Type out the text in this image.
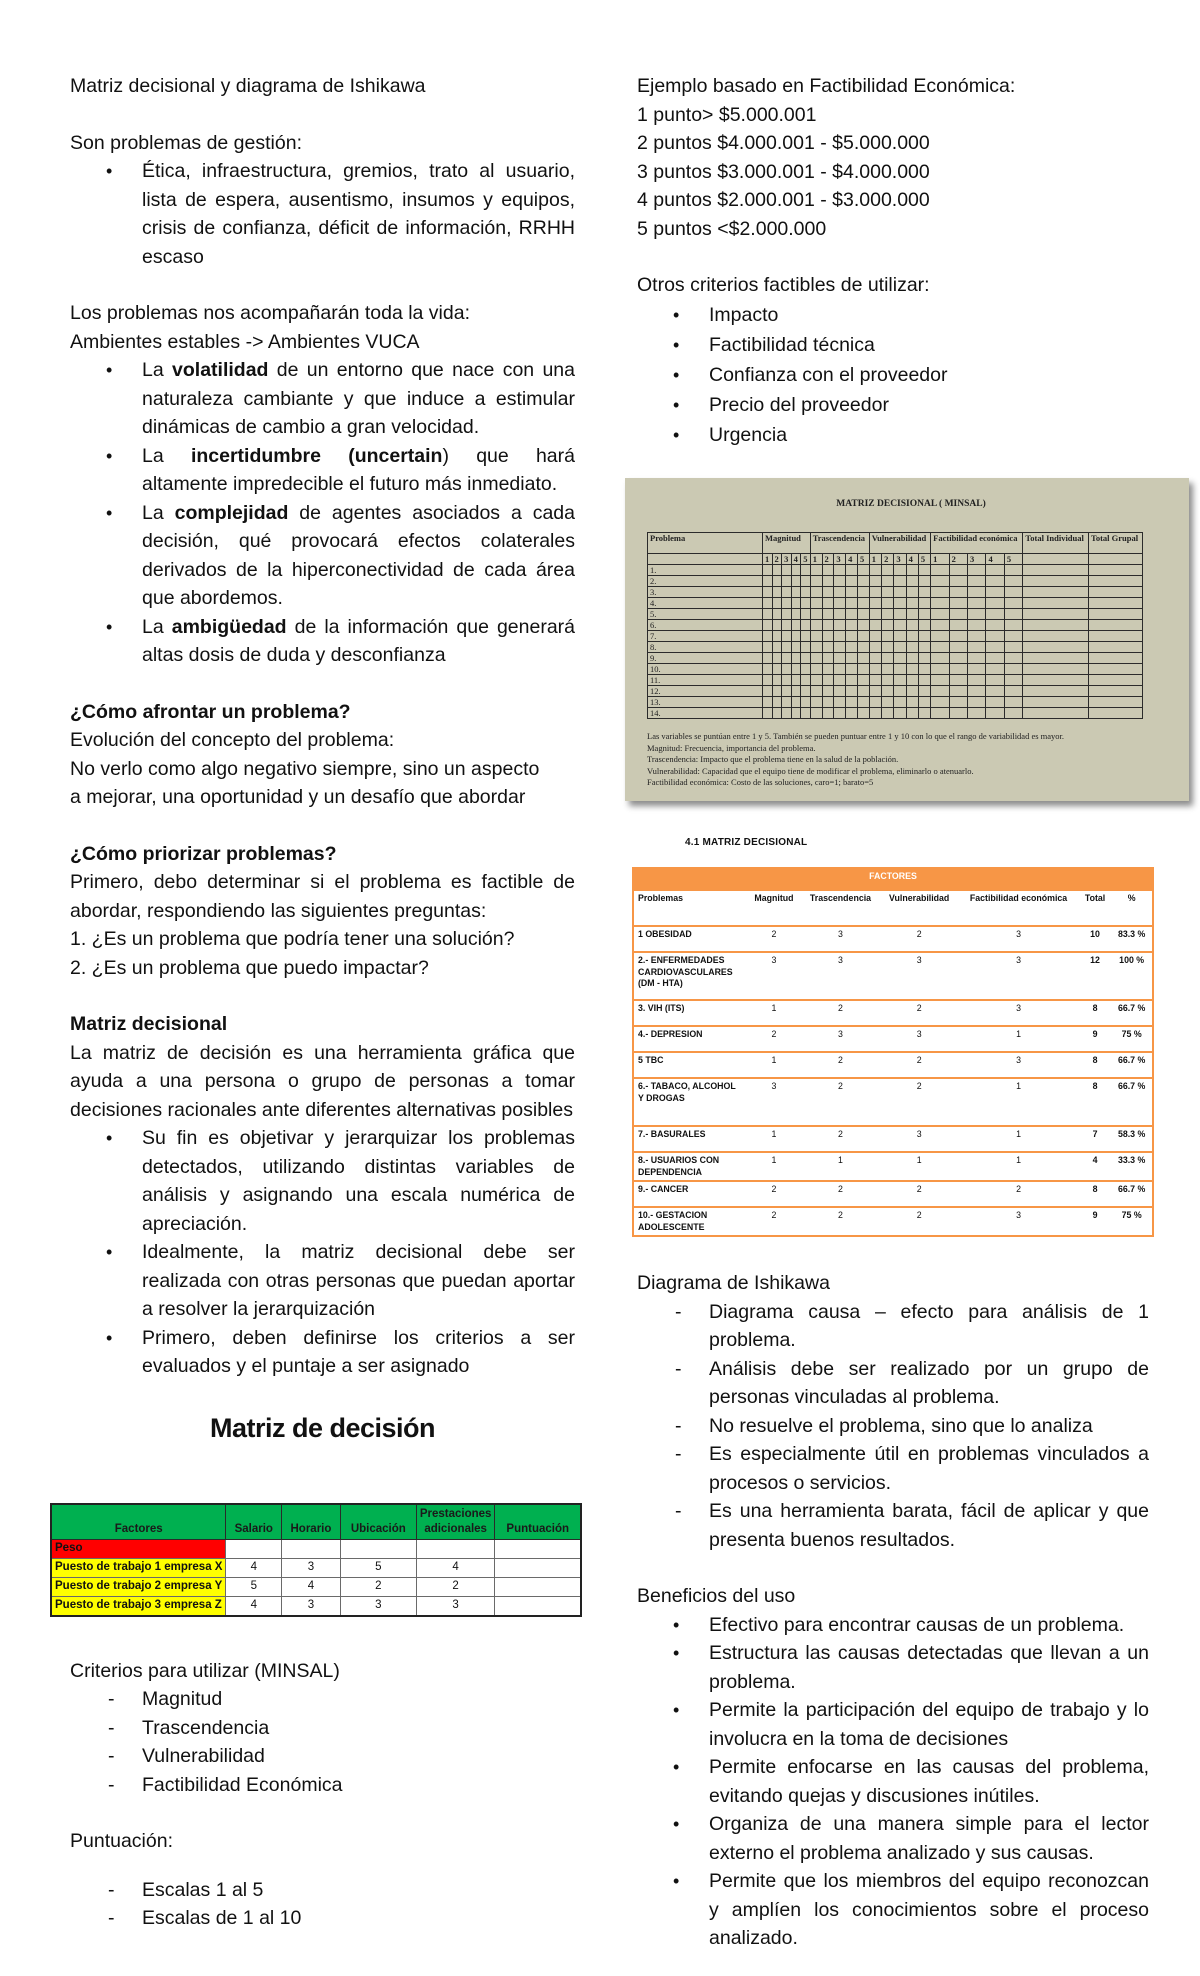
Matriz decisional y diagrama de Ishikawa

Son problemas de gestión:

• Ética, infraestructura, gremios, trato al usuario, lista de espera, ausentismo, insumos y equipos, crisis de confianza, déficit de información, RRHH escaso

Los problemas nos acompañarán toda la vida:

Ambientes estables -> Ambientes VUCA

• La volatilidad de un entorno que nace con una naturaleza cambiante y que induce a estimular dinámicas de cambio a gran velocidad.
• La incertidumbre (uncertain) que hará altamente impredecible el futuro más inmediato.
• La complejidad de agentes asociados a cada decisión, qué provocará efectos colaterales derivados de la hiperconectividad de cada área que abordemos.
• La ambigüedad de la información que generará altas dosis de duda y desconfianza

¿Cómo afrontar un problema?

Evolución del concepto del problema:

No verlo como algo negativo siempre, sino un aspecto

a mejorar, una oportunidad y un desafío que abordar

¿Cómo priorizar problemas?

Primero, debo determinar si el problema es factible de abordar, respondiendo las siguientes preguntas:

1. ¿Es un problema que podría tener una solución?

2. ¿Es un problema que puedo impactar?

Matriz decisional

La matriz de decisión es una herramienta gráfica que ayuda a una persona o grupo de personas a tomar decisiones racionales ante diferentes alternativas posibles

• Su fin es objetivar y jerarquizar los problemas detectados, utilizando distintas variables de análisis y asignando una escala numérica de apreciación.
• Idealmente, la matriz decisional debe ser realizada con otras personas que puedan aportar a resolver la jerarquización
• Primero, deben definirse los criterios a ser evaluados y el puntaje a ser asignado
Matriz de decisión
Factores	Salario	Horario	Ubicación	Prestaciones adicionales	Puntuación
Peso					
Puesto de trabajo 1 empresa X	4	3	5	4	
Puesto de trabajo 2 empresa Y	5	4	2	2	
Puesto de trabajo 3 empresa Z	4	3	3	3	

Criterios para utilizar (MINSAL)

- Magnitud
- Trascendencia
- Vulnerabilidad
- Factibilidad Económica

Puntuación:

- Escalas 1 al 5
- Escalas de 1 al 10

Ejemplo basado en Factibilidad Económica:

1 punto> $5.000.001

2 puntos $4.000.001 - $5.000.000

3 puntos $3.000.001 - $4.000.000

4 puntos $2.000.001 - $3.000.000

5 puntos <$2.000.000

Otros criterios factibles de utilizar:

• Impacto
• Factibilidad técnica
• Confianza con el proveedor
• Precio del proveedor
• Urgencia
MATRIZ DECISIONAL ( MINSAL)
Problema	Magnitud					Trascendencia					Vulnerabilidad					Factibilidad económica					Total Individual	Total Grupal
	1	2	3	4	5	1	2	3	4	5	1	2	3	4	5	1	2	3	4	5		
1.																						
2.																						
3.																						
4.																						
5.																						
6.																						
7.																						
8.																						
9.																						
10.																						
11.																						
12.																						
13.																						
14.																						
Las variables se puntúan entre 1 y 5. También se pueden puntuar entre 1 y 10 con lo que el rango de variabilidad es mayor.
Magnitud: Frecuencia, importancia del problema.
Trascendencia: Impacto que el problema tiene en la salud de la población.
Vulnerabilidad: Capacidad que el equipo tiene de modificar el problema, eliminarlo o atenuarlo.
Factibilidad económica: Costo de las soluciones, caro=1; barato=5
4.1 MATRIZ DECISIONAL
FACTORES						
Problemas	Magnitud	Trascendencia	Vulnerabilidad	Factibilidad económica	Total	%
1 OBESIDAD	2	3	2	3	10	83.3 %
2.- ENFERMEDADES CARDIOVASCULARES (DM - HTA)	3	3	3	3	12	100 %
3. VIH (ITS)	1	2	2	3	8	66.7 %
4.- DEPRESION	2	3	3	1	9	75 %
5 TBC	1	2	2	3	8	66.7 %
6.- TABACO, ALCOHOL Y DROGAS	3	2	2	1	8	66.7 %
7.- BASURALES	1	2	3	1	7	58.3 %
8.- USUARIOS CON DEPENDENCIA	1	1	1	1	4	33.3 %
9.- CANCER	2	2	2	2	8	66.7 %
10.- GESTACION ADOLESCENTE	2	2	2	3	9	75 %

Diagrama de Ishikawa

- Diagrama causa – efecto para análisis de 1 problema.
- Análisis debe ser realizado por un grupo de personas vinculadas al problema.
- No resuelve el problema, sino que lo analiza
- Es especialmente útil en problemas vinculados a procesos o servicios.
- Es una herramienta barata, fácil de aplicar y que presenta buenos resultados.

Beneficios del uso

• Efectivo para encontrar causas de un problema.
• Estructura las causas detectadas que llevan a un problema.
• Permite la participación del equipo de trabajo y lo involucra en la toma de decisiones
• Permite enfocarse en las causas del problema, evitando quejas y discusiones inútiles.
• Organiza de una manera simple para el lector externo el problema analizado y sus causas.
• Permite que los miembros del equipo reconozcan y amplíen los conocimientos sobre el proceso analizado.
